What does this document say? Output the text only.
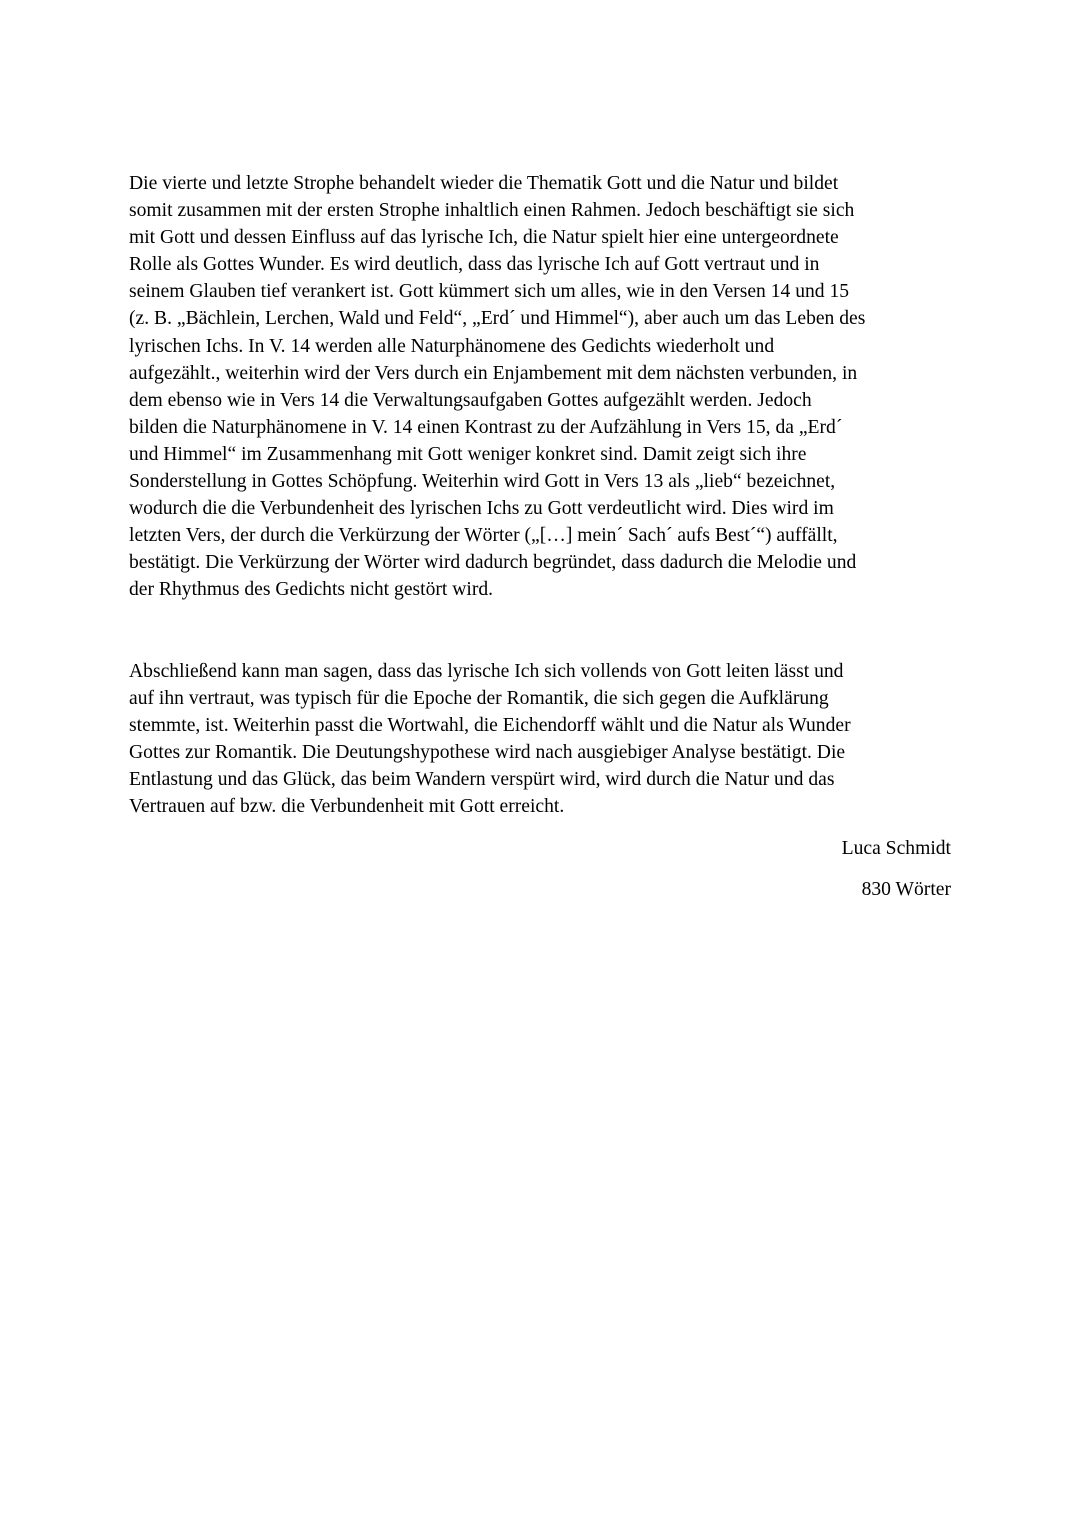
Die vierte und letzte Strophe behandelt wieder die Thematik Gott und die Natur und bildet
somit zusammen mit der ersten Strophe inhaltlich einen Rahmen. Jedoch beschäftigt sie sich
mit Gott und dessen Einfluss auf das lyrische Ich, die Natur spielt hier eine untergeordnete
Rolle als Gottes Wunder. Es wird deutlich, dass das lyrische Ich auf Gott vertraut und in
seinem Glauben tief verankert ist. Gott kümmert sich um alles, wie in den Versen 14 und 15
(z. B. „Bächlein, Lerchen, Wald und Feld“, „Erd´ und Himmel“), aber auch um das Leben des
lyrischen Ichs. In V. 14 werden alle Naturphänomene des Gedichts wiederholt und
aufgezählt., weiterhin wird der Vers durch ein Enjambement mit dem nächsten verbunden, in
dem ebenso wie in Vers 14 die Verwaltungsaufgaben Gottes aufgezählt werden. Jedoch
bilden die Naturphänomene in V. 14 einen Kontrast zu der Aufzählung in Vers 15, da „Erd´
und Himmel“ im Zusammenhang mit Gott weniger konkret sind. Damit zeigt sich ihre
Sonderstellung in Gottes Schöpfung. Weiterhin wird Gott in Vers 13 als „lieb“ bezeichnet,
wodurch die die Verbundenheit des lyrischen Ichs zu Gott verdeutlicht wird. Dies wird im
letzten Vers, der durch die Verkürzung der Wörter („[…] mein´ Sach´ aufs Best´“) auffällt,
bestätigt. Die Verkürzung der Wörter wird dadurch begründet, dass dadurch die Melodie und
der Rhythmus des Gedichts nicht gestört wird.

Abschließend kann man sagen, dass das lyrische Ich sich vollends von Gott leiten lässt und
auf ihn vertraut, was typisch für die Epoche der Romantik, die sich gegen die Aufklärung
stemmte, ist. Weiterhin passt die Wortwahl, die Eichendorff wählt und die Natur als Wunder
Gottes zur Romantik. Die Deutungshypothese wird nach ausgiebiger Analyse bestätigt. Die
Entlastung und das Glück, das beim Wandern verspürt wird, wird durch die Natur und das
Vertrauen auf bzw. die Verbundenheit mit Gott erreicht.

Luca Schmidt
830 Wörter
